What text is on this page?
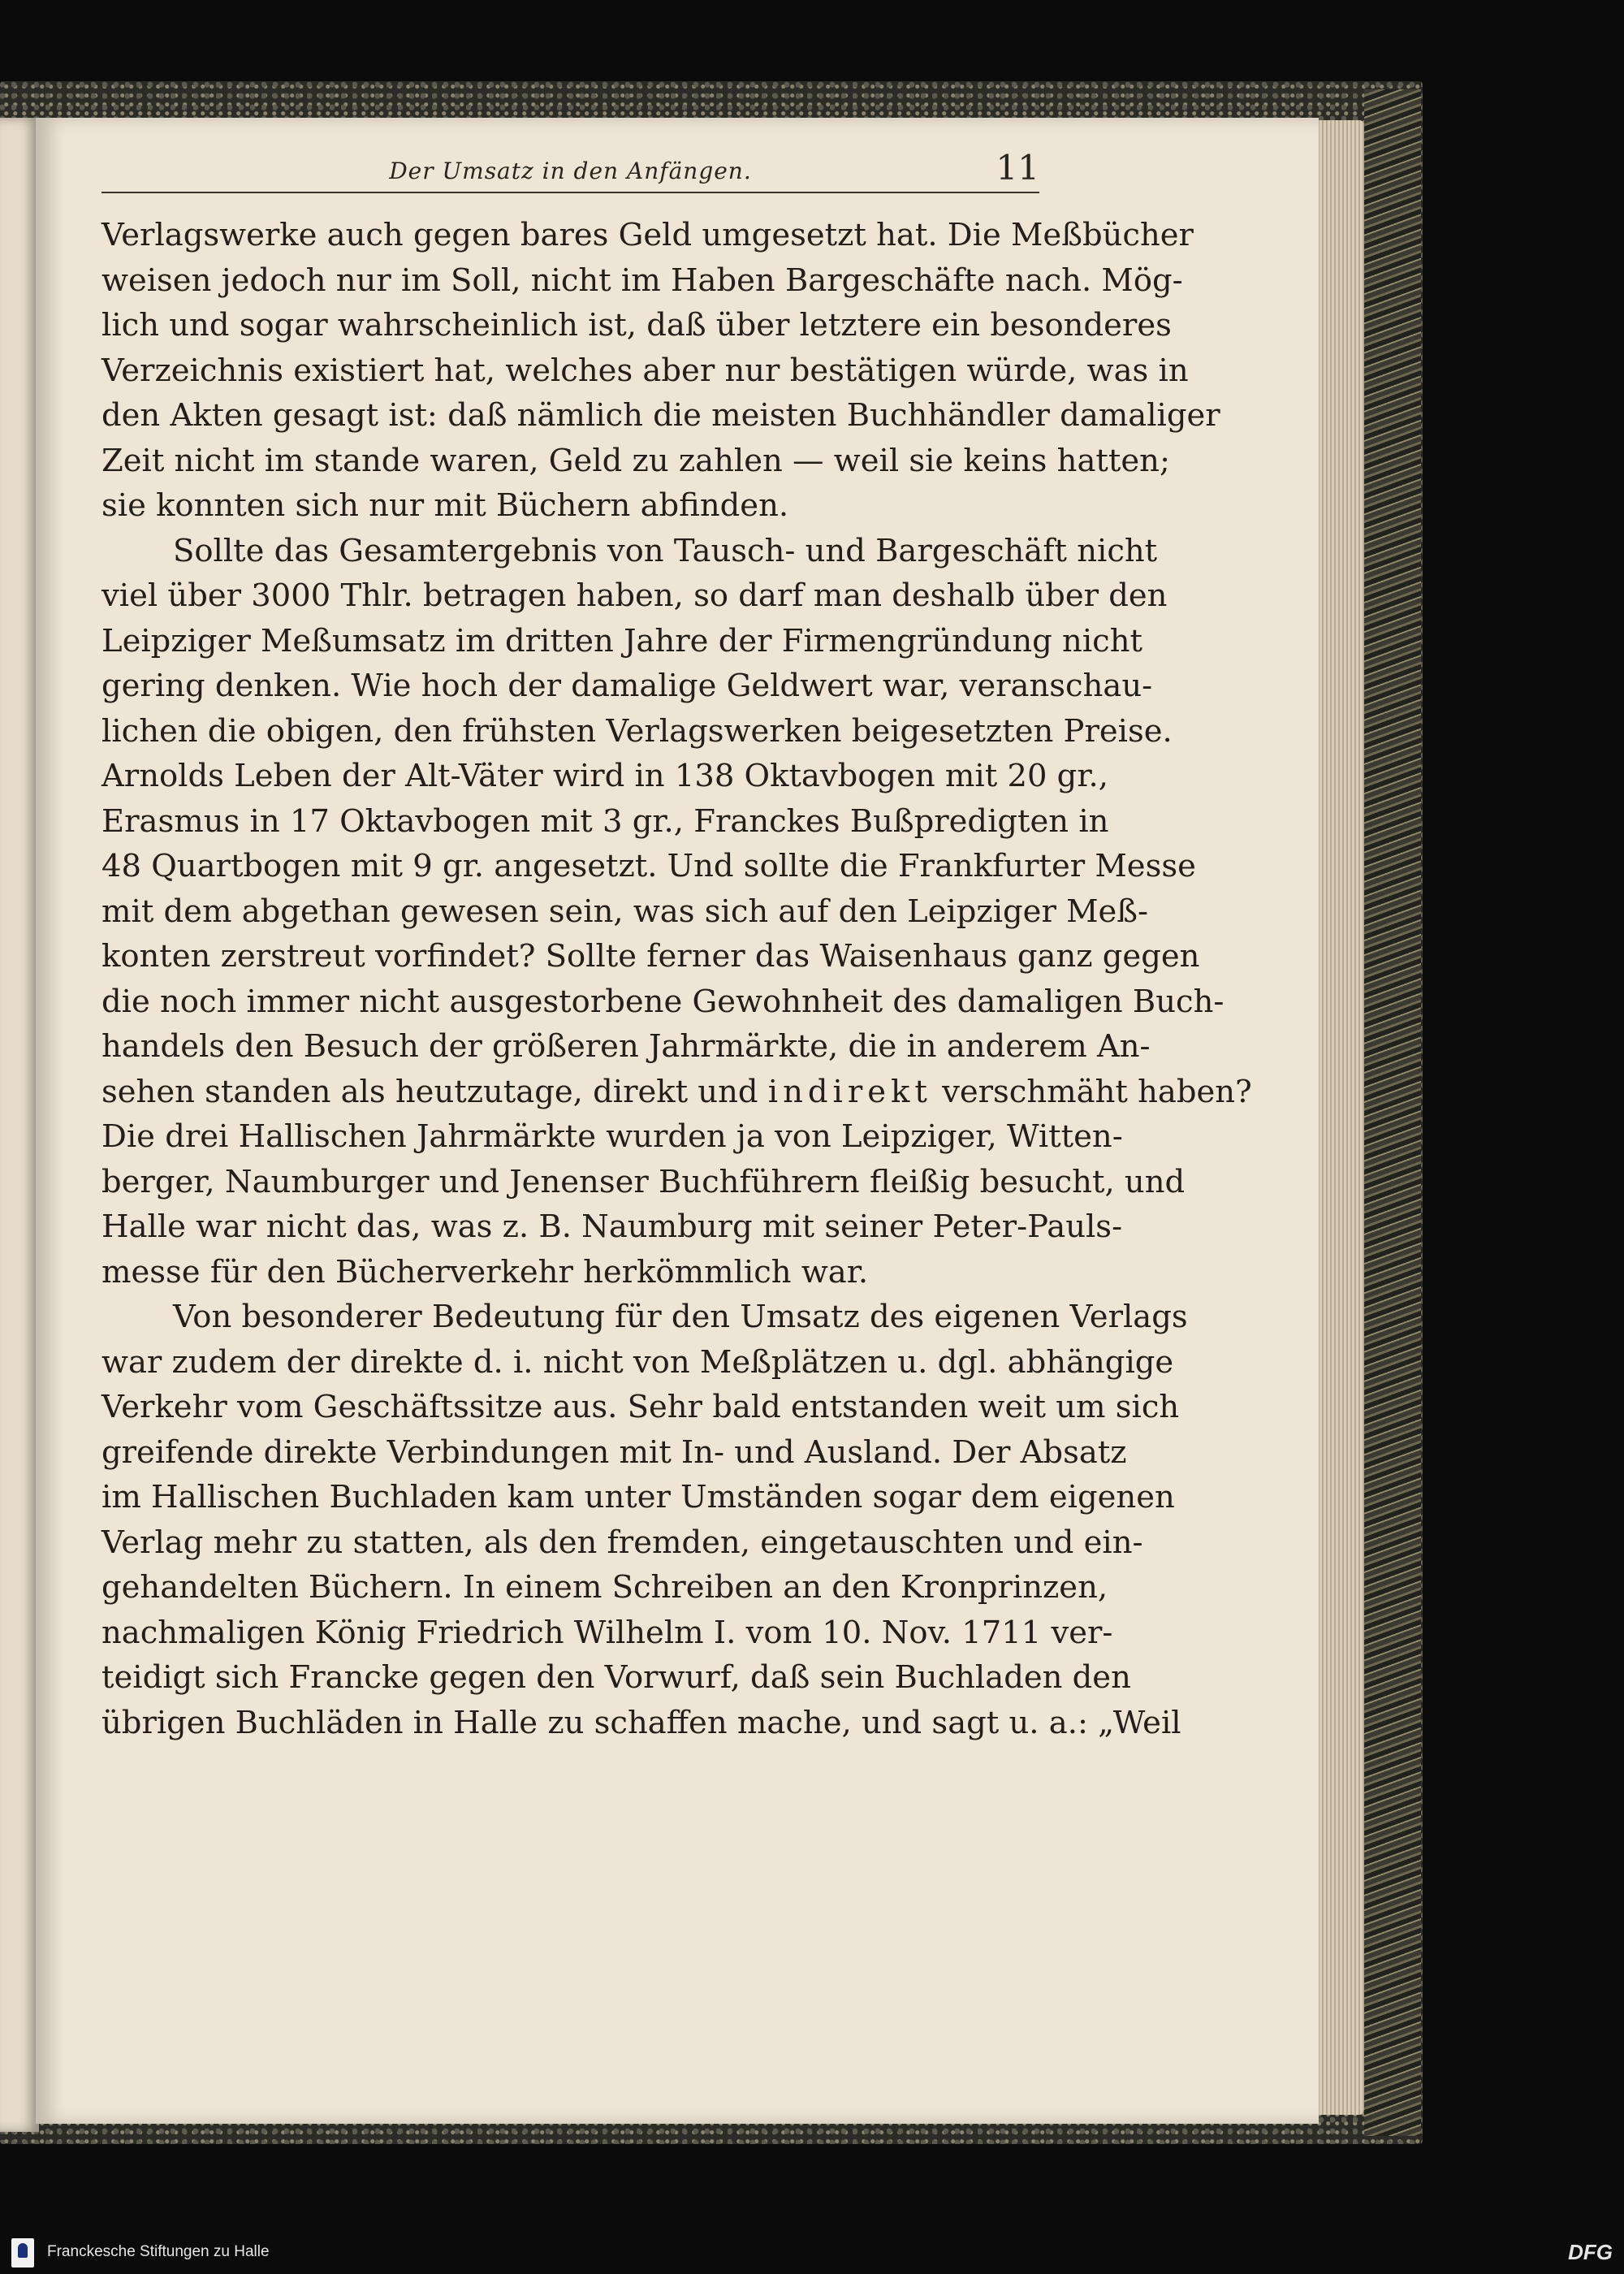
Der Umsatz in den Anfängen.	11
Verlagswerke auch gegen bares Geld umgesetzt hat. Die Meßbücher
weisen jedoch nur im Soll, nicht im Haben Bargeschäfte nach. Mög-
lich und sogar wahrscheinlich ist, daß über letztere ein besonderes
Verzeichnis existiert hat, welches aber nur bestätigen würde, was in
den Akten gesagt ist: daß nämlich die meisten Buchhändler damaliger
Zeit nicht im stande waren, Geld zu zahlen — weil sie keins hatten;
sie konnten sich nur mit Büchern abfinden.
Sollte das Gesamtergebnis von Tausch- und Bargeschäft nicht
viel über 3000 Thlr. betragen haben, so darf man deshalb über den
Leipziger Meßumsatz im dritten Jahre der Firmengründung nicht
gering denken. Wie hoch der damalige Geldwert war, veranschau-
lichen die obigen, den frühsten Verlagswerken beigesetzten Preise.
Arnolds Leben der Alt-Väter wird in 138 Oktavbogen mit 20 gr.,
Erasmus in 17 Oktavbogen mit 3 gr., Franckes Bußpredigten in
48 Quartbogen mit 9 gr. angesetzt. Und sollte die Frankfurter Messe
mit dem abgethan gewesen sein, was sich auf den Leipziger Meß-
konten zerstreut vorfindet? Sollte ferner das Waisenhaus ganz gegen
die noch immer nicht ausgestorbene Gewohnheit des damaligen Buch-
handels den Besuch der größeren Jahrmärkte, die in anderem An-
sehen standen als heutzutage, direkt und indirekt verschmäht haben?
Die drei Hallischen Jahrmärkte wurden ja von Leipziger, Witten-
berger, Naumburger und Jenenser Buchführern fleißig besucht, und
Halle war nicht das, was z. B. Naumburg mit seiner Peter-Pauls-
messe für den Bücherverkehr herkömmlich war.
Von besonderer Bedeutung für den Umsatz des eigenen Verlags
war zudem der direkte d. i. nicht von Meßplätzen u. dgl. abhängige
Verkehr vom Geschäftssitze aus. Sehr bald entstanden weit um sich
greifende direkte Verbindungen mit In- und Ausland. Der Absatz
im Hallischen Buchladen kam unter Umständen sogar dem eigenen
Verlag mehr zu statten, als den fremden, eingetauschten und ein-
gehandelten Büchern. In einem Schreiben an den Kronprinzen,
nachmaligen König Friedrich Wilhelm I. vom 10. Nov. 1711 ver-
teidigt sich Francke gegen den Vorwurf, daß sein Buchladen den
übrigen Buchläden in Halle zu schaffen mache, und sagt u. a.: „Weil
Franckesche Stiftungen zu Halle	DFG
